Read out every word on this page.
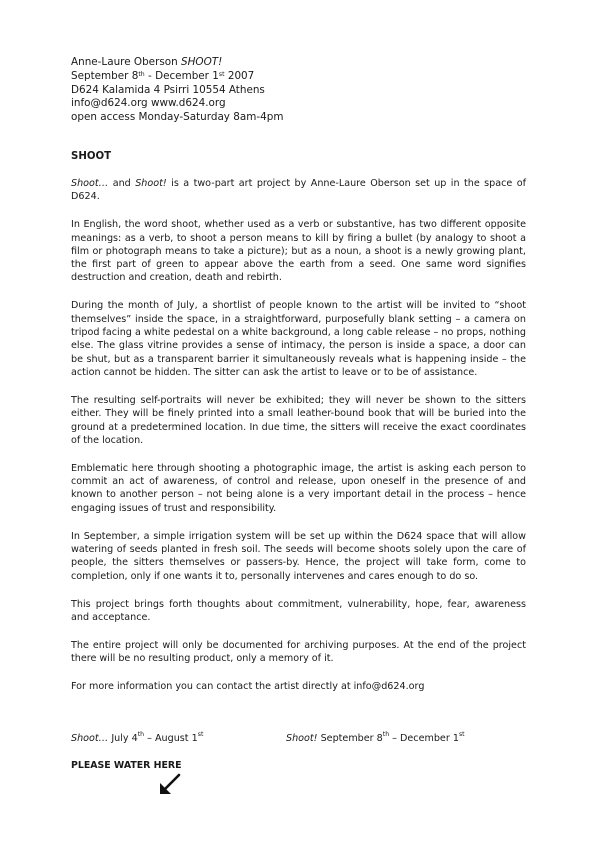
Anne-Laure Oberson SHOOT!
September 8th - December 1st 2007
D624 Kalamida 4 Psirri 10554 Athens
info@d624.org www.d624.org
open access Monday-Saturday 8am-4pm
SHOOT

Shoot… and Shoot! is a two-part art project by Anne-Laure Oberson set up in the space of D624.

In English, the word shoot, whether used as a verb or substantive, has two different opposite meanings: as a verb, to shoot a person means to kill by firing a bullet (by analogy to shoot a film or photograph means to take a picture); but as a noun, a shoot is a newly growing plant, the first part of green to appear above the earth from a seed. One same word signifies destruction and creation, death and rebirth.

During the month of July, a shortlist of people known to the artist will be invited to “shoot themselves” inside the space, in a straightforward, purposefully blank setting – a camera on tripod facing a white pedestal on a white background, a long cable release – no props, nothing else. The glass vitrine provides a sense of intimacy, the person is inside a space, a door can be shut, but as a transparent barrier it simultaneously reveals what is happening inside – the action cannot be hidden. The sitter can ask the artist to leave or to be of assistance.

The resulting self-portraits will never be exhibited; they will never be shown to the sitters either. They will be finely printed into a small leather-bound book that will be buried into the ground at a predetermined location. In due time, the sitters will receive the exact coordinates of the location.

Emblematic here through shooting a photographic image, the artist is asking each person to commit an act of awareness, of control and release, upon oneself in the presence of and known to another person – not being alone is a very important detail in the process – hence engaging issues of trust and responsibility.

In September, a simple irrigation system will be set up within the D624 space that will allow watering of seeds planted in fresh soil. The seeds will become shoots solely upon the care of people, the sitters themselves or passers-by. Hence, the project will take form, come to completion, only if one wants it to, personally intervenes and cares enough to do so.

This project brings forth thoughts about commitment, vulnerability, hope, fear, awareness and acceptance.

The entire project will only be documented for archiving purposes. At the end of the project there will be no resulting product, only a memory of it.

For more information you can contact the artist directly at info@d624.org

Shoot… July 4th – August 1st	Shoot! September 8th – December 1st
PLEASE WATER HERE
